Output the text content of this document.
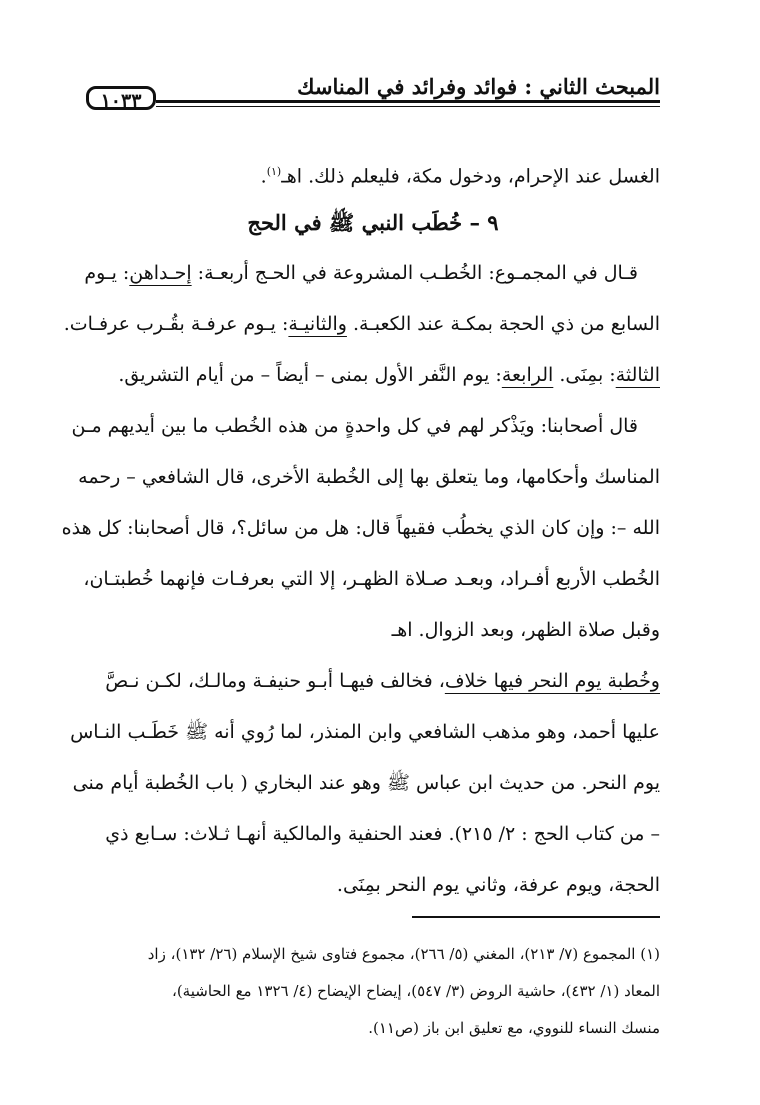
المبحث الثاني : فوائد وفرائد في المناسك
١٠٣٣
الغسل عند الإحرام، ودخول مكة، فليعلم ذلك. اهـ$^{(١)}$.
٩ – خُطَب النبي ﷺ في الحج
قـال في المجمـوع: الخُطـب المشروعة في الحـج أربعـة: إحـداهن: يـوم
السابع من ذي الحجة بمكـة عند الكعبـة. والثانيـة: يـوم عرفـة بقُـرب عرفـات.
الثالثة: بمِنَى. الرابعة: يوم النَّفر الأول بمنى – أيضاً – من أيام التشريق.
قال أصحابنا: ويَذْكر لهم في كل واحدةٍ من هذه الخُطب ما بين أيديهم مـن
المناسك وأحكامها، وما يتعلق بها إلى الخُطبة الأخرى، قال الشافعي – رحمه
الله –: وإن كان الذي يخطُب فقيهاً قال: هل من سائل؟، قال أصحابنا: كل هذه
الخُطب الأربع أفـراد، وبعـد صـلاة الظهـر، إلا التي بعرفـات فإنهما خُطبتـان،
وقبل صلاة الظهر، وبعد الزوال. اهـ
وخُطبة يوم النحر فيها خلاف، فخالف فيهـا أبـو حنيفـة ومالـك، لكـن نـصَّ
عليها أحمد، وهو مذهب الشافعي وابن المنذر، لما رُوي أنه ﷺ خَطَـب النـاس
يوم النحر. من حديث ابن عباس ﷺ وهو عند البخاري ( باب الخُطبة أيام منى
– من كتاب الحج : ٢/ ٢١٥). فعند الحنفية والمالكية أنهـا ثـلاث: سـابع ذي
الحجة، ويوم عرفة، وثاني يوم النحر بمِنَى.
(١) المجموع (٧/ ٢١٣)، المغني (٥/ ٢٦٦)، مجموع فتاوى شيخ الإسلام (٢٦/ ١٣٢)، زاد
المعاد (١/ ٤٣٢)، حاشية الروض (٣/ ٥٤٧)، إيضاح الإيضاح (٤/ ١٣٢٦ مع الحاشية)،
منسك النساء للنووي، مع تعليق ابن باز (ص١١).
